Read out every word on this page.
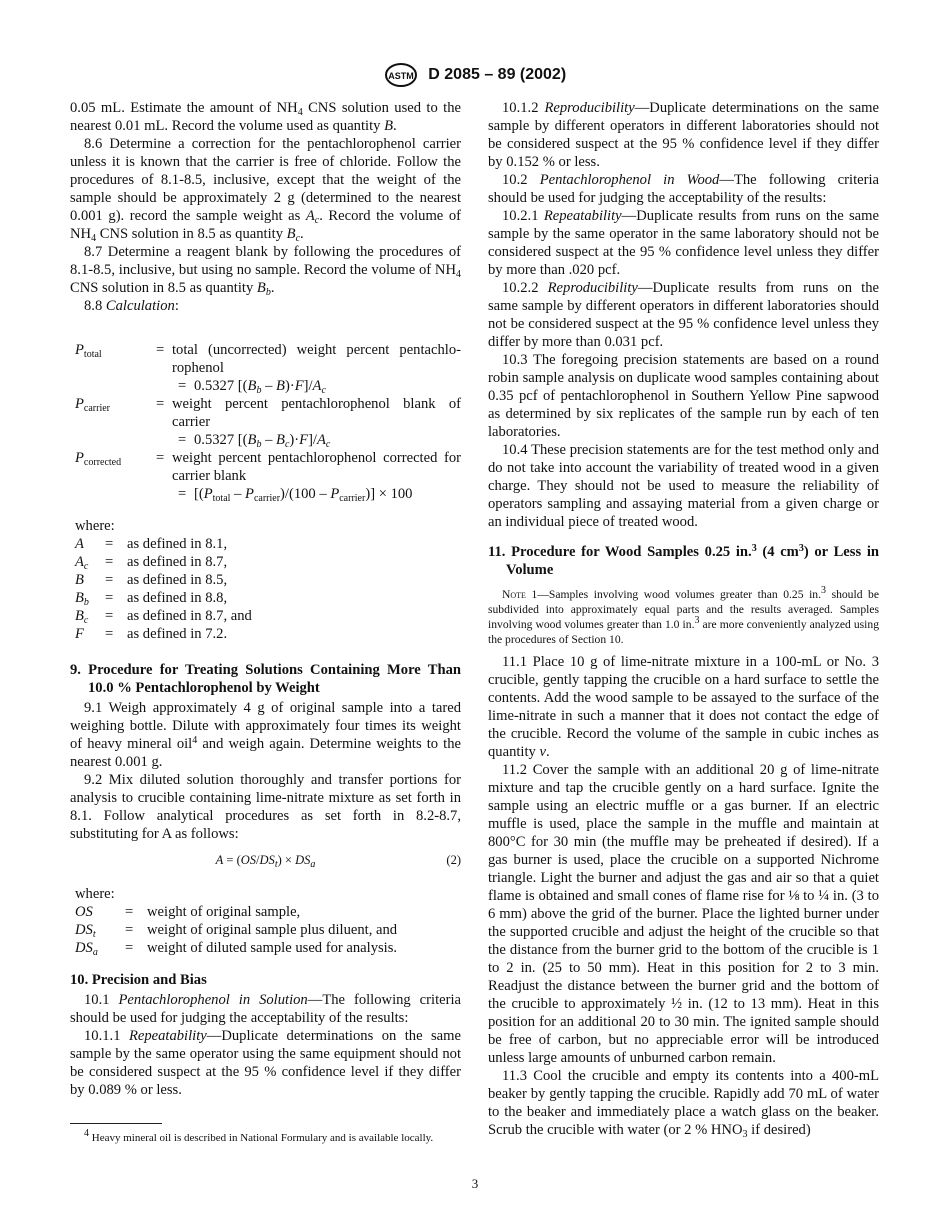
ASTM D 2085 – 89 (2002)

0.05 mL. Estimate the amount of $NH_4$ CNS solution used to the nearest 0.01 mL. Record the volume used as quantity B.

8.6 Determine a correction for the pentachlorophenol carrier unless it is known that the carrier is free of chloride. Follow the procedures of 8.1-8.5, inclusive, except that the weight of the sample should be approximately 2 g (determined to the nearest 0.001 g). record the sample weight as $A_c$. Record the volume of $NH_4$ CNS solution in 8.5 as quantity $B_c$.

8.7 Determine a reagent blank by following the procedures of 8.1-8.5, inclusive, but using no sample. Record the volume of $NH_4$ CNS solution in 8.5 as quantity $B_b$.

8.8 Calculation:

$P_{total}$	= total (uncorrected) weight percent pentachlo-rophenol
= 0.5327 $[(B_b - B)\cdot F]/A_c$
$P_{carrier}$	= weight percent pentachlorophenol blank of carrier
= 0.5327 $[(B_b - B_c)\cdot F]/A_c$
$P_{corrected}$	= weight percent pentachlorophenol corrected for carrier blank
= $[(P_{total} - P_{carrier})/(100 - P_{carrier})] \times 100$
where:
A	= as defined in 8.1,
$A_c$	= as defined in 8.7,
B	= as defined in 8.5,
$B_b$	= as defined in 8.8,
$B_c$	= as defined in 8.7, and
F	= as defined in 7.2.

9. Procedure for Treating Solutions Containing More Than 10.0 % Pentachlorophenol by Weight

9.1 Weigh approximately 4 g of original sample into a tared weighing bottle. Dilute with approximately four times its weight of heavy mineral oil$^4$ and weigh again. Determine weights to the nearest 0.001 g.

9.2 Mix diluted solution thoroughly and transfer portions for analysis to crucible containing lime-nitrate mixture as set forth in 8.1. Follow analytical procedures as set forth in 8.2-8.7, substituting for A as follows:

$A = (OS/DS_t) \times DS_a$	(2)
where:
OS	= weight of original sample,
$DS_t$	= weight of original sample plus diluent, and
$DS_a$	= weight of diluted sample used for analysis.

10. Precision and Bias

10.1 Pentachlorophenol in Solution—The following criteria should be used for judging the acceptability of the results:

10.1.1 Repeatability—Duplicate determinations on the same sample by the same operator using the same equipment should not be considered suspect at the 95 % confidence level if they differ by 0.089 % or less.

$^4$ Heavy mineral oil is described in National Formulary and is available locally.

10.1.2 Reproducibility—Duplicate determinations on the same sample by different operators in different laboratories should not be considered suspect at the 95 % confidence level if they differ by 0.152 % or less.

10.2 Pentachlorophenol in Wood—The following criteria should be used for judging the acceptability of the results:

10.2.1 Repeatability—Duplicate results from runs on the same sample by the same operator in the same laboratory should not be considered suspect at the 95 % confidence level unless they differ by more than .020 pcf.

10.2.2 Reproducibility—Duplicate results from runs on the same sample by different operators in different laboratories should not be considered suspect at the 95 % confidence level unless they differ by more than 0.031 pcf.

10.3 The foregoing precision statements are based on a round robin sample analysis on duplicate wood samples containing about 0.35 pcf of pentachlorophenol in Southern Yellow Pine sapwood as determined by six replicates of the sample run by each of ten laboratories.

10.4 These precision statements are for the test method only and do not take into account the variability of treated wood in a given charge. They should not be used to measure the reliability of operators sampling and assaying material from a given charge or an individual piece of treated wood.

11. Procedure for Wood Samples 0.25 in.$^3$ (4 $cm^3$) or Less in Volume

Note 1—Samples involving wood volumes greater than 0.25 in.$^3$ should be subdivided into approximately equal parts and the results averaged. Samples involving wood volumes greater than 1.0 in.$^3$ are more conveniently analyzed using the procedures of Section 10.

11.1 Place 10 g of lime-nitrate mixture in a 100-mL or No. 3 crucible, gently tapping the crucible on a hard surface to settle the contents. Add the wood sample to be assayed to the surface of the lime-nitrate in such a manner that it does not contact the edge of the crucible. Record the volume of the sample in cubic inches as quantity v.

11.2 Cover the sample with an additional 20 g of lime-nitrate mixture and tap the crucible gently on a hard surface. Ignite the sample using an electric muffle or a gas burner. If an electric muffle is used, place the sample in the muffle and maintain at 800°C for 30 min (the muffle may be preheated if desired). If a gas burner is used, place the crucible on a supported Nichrome triangle. Light the burner and adjust the gas and air so that a quiet flame is obtained and small cones of flame rise for ⅛ to ¼ in. (3 to 6 mm) above the grid of the burner. Place the lighted burner under the supported crucible and adjust the height of the crucible so that the distance from the burner grid to the bottom of the crucible is 1 to 2 in. (25 to 50 mm). Heat in this position for 2 to 3 min. Readjust the distance between the burner grid and the bottom of the crucible to approximately ½ in. (12 to 13 mm). Heat in this position for an additional 20 to 30 min. The ignited sample should be free of carbon, but no appreciable error will be introduced unless large amounts of unburned carbon remain.

11.3 Cool the crucible and empty its contents into a 400-mL beaker by gently tapping the crucible. Rapidly add 70 mL of water to the beaker and immediately place a watch glass on the beaker. Scrub the crucible with water (or 2 % $HNO_3$ if desired)

3
